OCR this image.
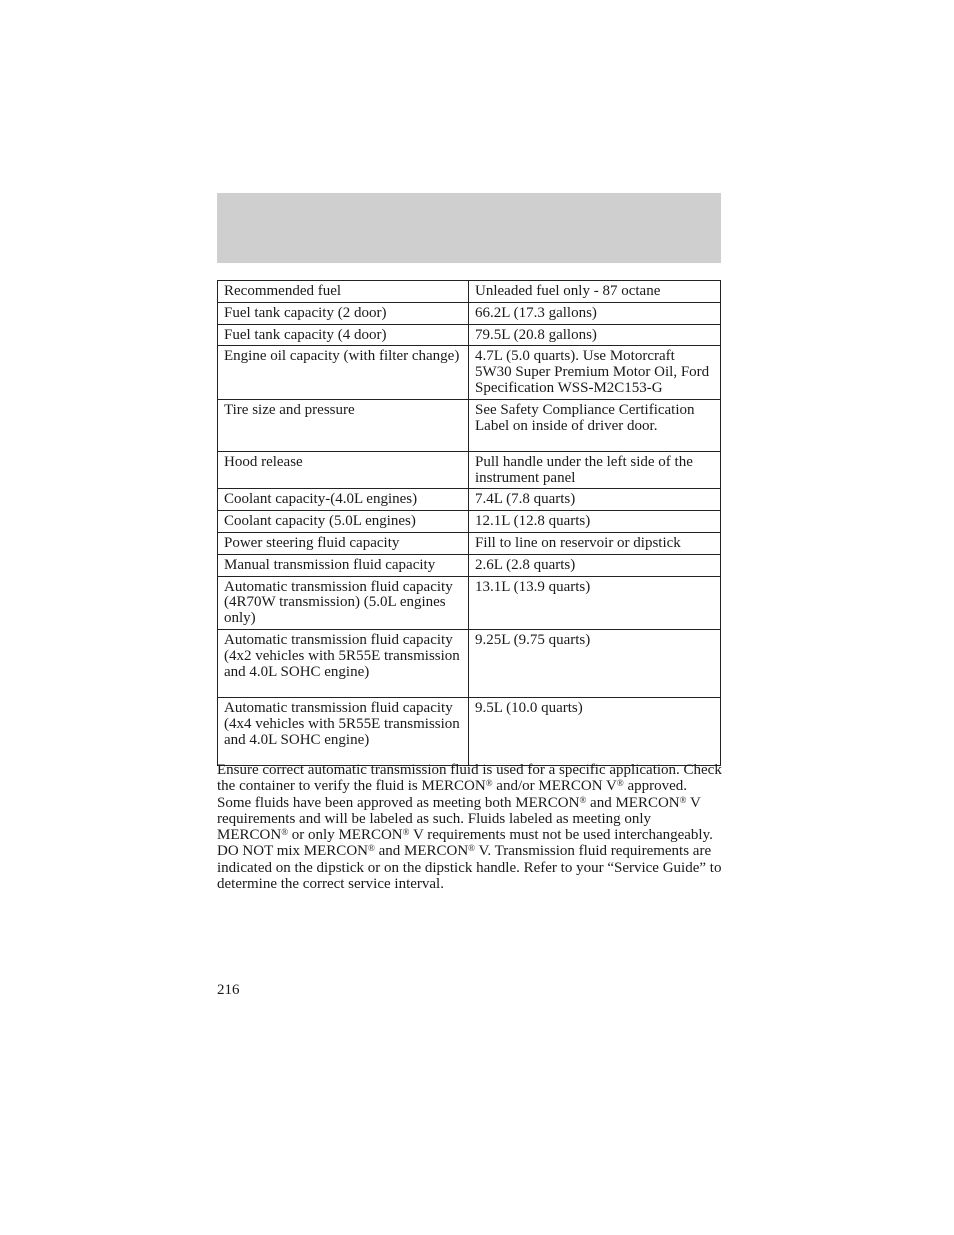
Recommended fuel	Unleaded fuel only - 87 octane
Fuel tank capacity (2 door)	66.2L (17.3 gallons)
Fuel tank capacity (4 door)	79.5L (20.8 gallons)
Engine oil capacity (with filter change)	4.7L (5.0 quarts). Use Motorcraft 5W30 Super Premium Motor Oil, Ford Specification WSS-M2C153-G
Tire size and pressure	See Safety Compliance Certification Label on inside of driver door.
Hood release	Pull handle under the left side of the instrument panel
Coolant capacity-(4.0L engines)	7.4L (7.8 quarts)
Coolant capacity (5.0L engines)	12.1L (12.8 quarts)
Power steering fluid capacity	Fill to line on reservoir or dipstick
Manual transmission fluid capacity	2.6L (2.8 quarts)
Automatic transmission fluid capacity (4R70W transmission) (5.0L engines only)	13.1L (13.9 quarts)
Automatic transmission fluid capacity (4x2 vehicles with 5R55E transmission and 4.0L SOHC engine)	9.25L (9.75 quarts)
Automatic transmission fluid capacity (4x4 vehicles with 5R55E transmission and 4.0L SOHC engine)	9.5L (10.0 quarts)

Ensure correct automatic transmission fluid is used for a specific application. Check the container to verify the fluid is MERCON® and/or MERCON V® approved. Some fluids have been approved as meeting both MERCON® and MERCON® V requirements and will be labeled as such. Fluids labeled as meeting only MERCON® or only MERCON® V requirements must not be used interchangeably. DO NOT mix MERCON® and MERCON® V. Transmission fluid requirements are indicated on the dipstick or on the dipstick handle. Refer to your “Service Guide” to determine the correct service interval.

216
